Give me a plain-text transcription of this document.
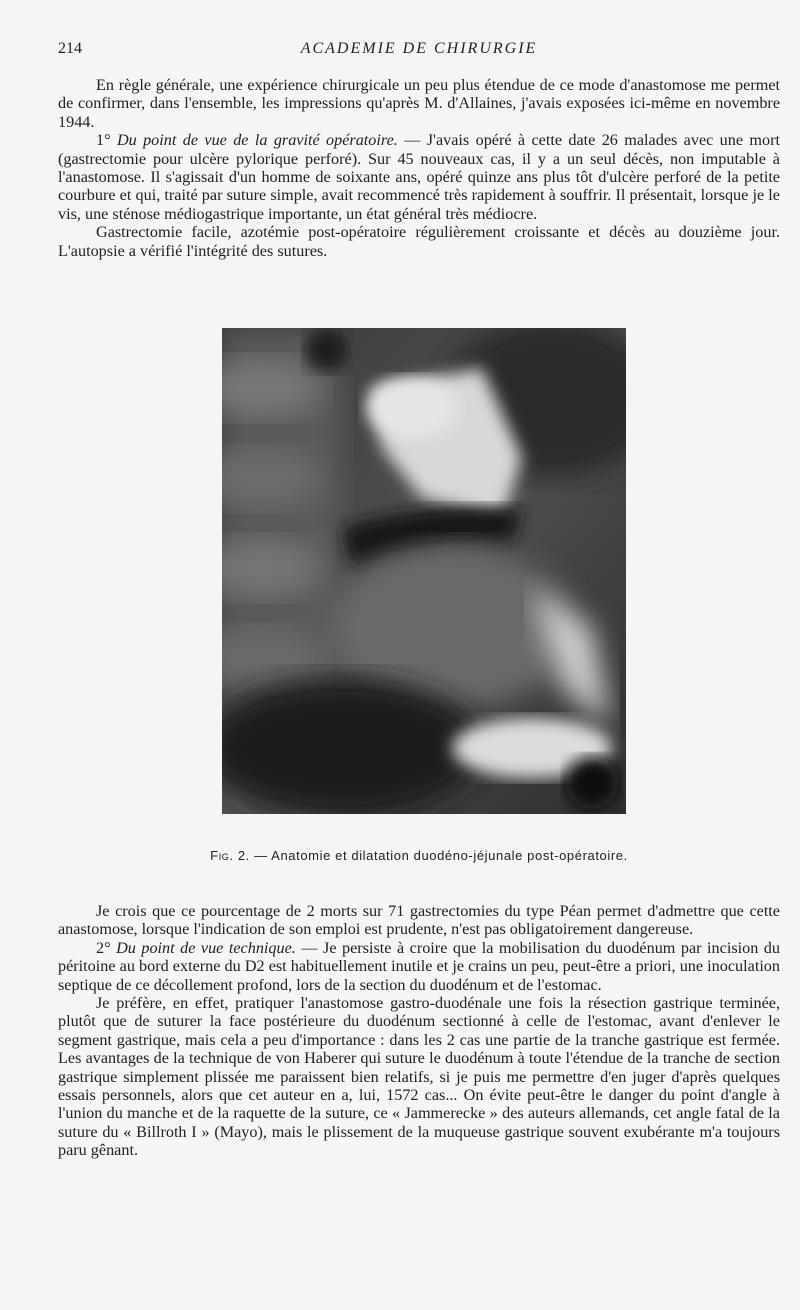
214	ACADEMIE DE CHIRURGIE

En règle générale, une expérience chirurgicale un peu plus étendue de ce mode d'anastomose me permet de confirmer, dans l'ensemble, les impressions qu'après M. d'Allaines, j'avais exposées ici-même en novembre 1944.

1° Du point de vue de la gravité opératoire. — J'avais opéré à cette date 26 malades avec une mort (gastrectomie pour ulcère pylorique perforé). Sur 45 nouveaux cas, il y a un seul décès, non imputable à l'anastomose. Il s'agissait d'un homme de soixante ans, opéré quinze ans plus tôt d'ulcère perforé de la petite courbure et qui, traité par suture simple, avait recommencé très rapidement à souffrir. Il présentait, lorsque je le vis, une sténose médiogastrique importante, un état général très médiocre.

Gastrectomie facile, azotémie post-opératoire régulièrement croissante et décès au douzième jour. L'autopsie a vérifié l'intégrité des sutures.

Fig. 2. — Anatomie et dilatation duodéno-jéjunale post-opératoire.

Je crois que ce pourcentage de 2 morts sur 71 gastrectomies du type Péan permet d'admettre que cette anastomose, lorsque l'indication de son emploi est prudente, n'est pas obligatoirement dangereuse.

2° Du point de vue technique. — Je persiste à croire que la mobilisation du duodénum par incision du péritoine au bord externe du D2 est habituellement inutile et je crains un peu, peut-être a priori, une inoculation septique de ce décollement profond, lors de la section du duodénum et de l'estomac.

Je préfère, en effet, pratiquer l'anastomose gastro-duodénale une fois la résection gastrique terminée, plutôt que de suturer la face postérieure du duodénum sectionné à celle de l'estomac, avant d'enlever le segment gastrique, mais cela a peu d'importance : dans les 2 cas une partie de la tranche gastrique est fermée. Les avantages de la technique de von Haberer qui suture le duodénum à toute l'étendue de la tranche de section gastrique simplement plissée me paraissent bien relatifs, si je puis me permettre d'en juger d'après quelques essais personnels, alors que cet auteur en a, lui, 1572 cas... On évite peut-être le danger du point d'angle à l'union du manche et de la raquette de la suture, ce « Jammerecke » des auteurs allemands, cet angle fatal de la suture du « Billroth I » (Mayo), mais le plissement de la muqueuse gastrique souvent exubérante m'a toujours paru gênant.
